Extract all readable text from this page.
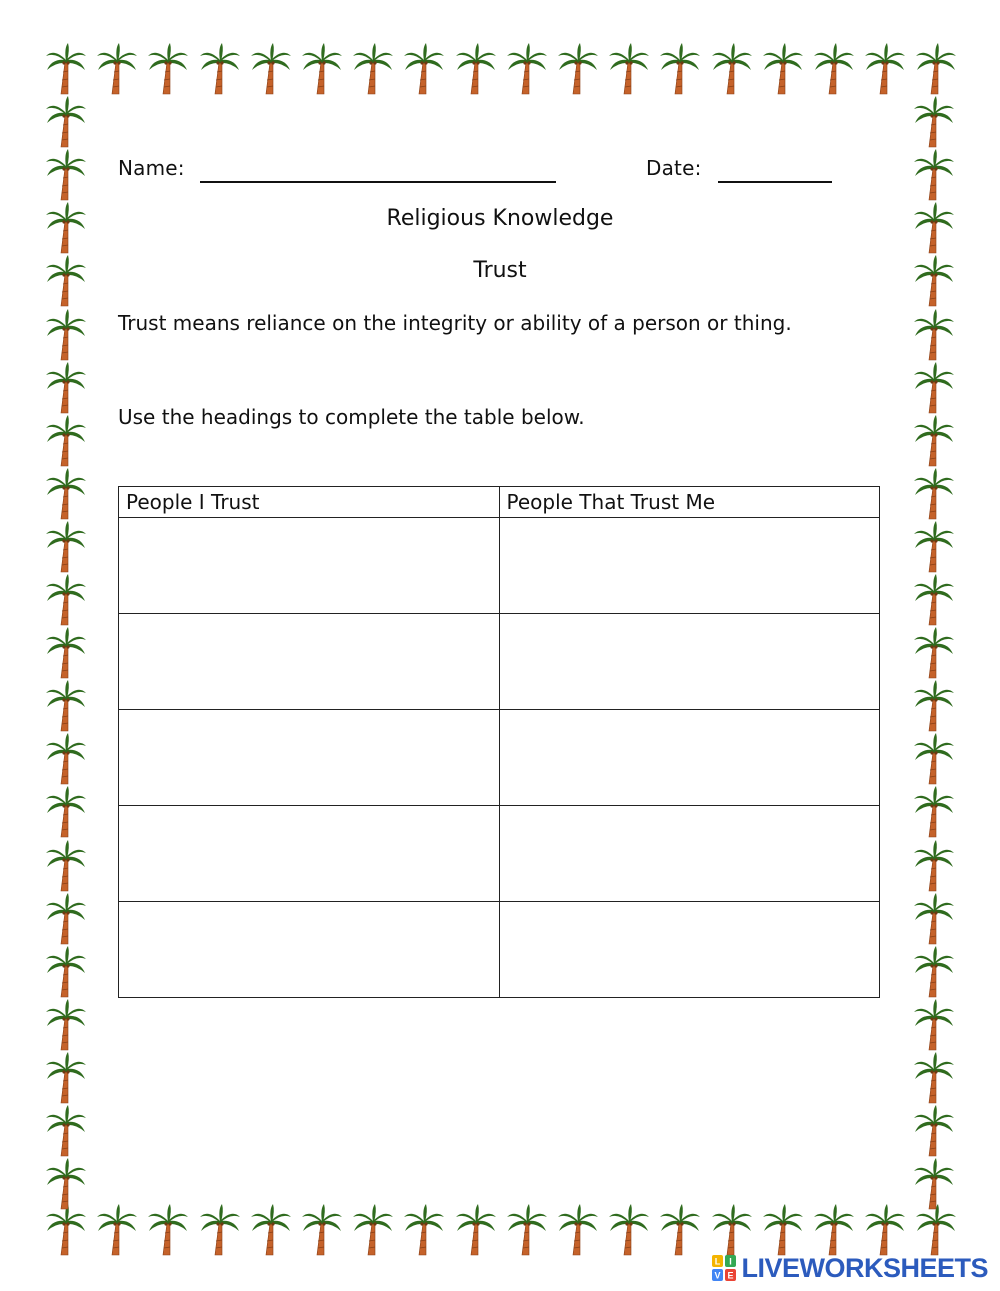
Name:	Date:
Religious Knowledge
Trust
Trust means reliance on the integrity or ability of a person or thing.
Use the headings to complete the table below.
People I Trust	People That Trust Me

L I
V E LIVEWORKSHEETS
